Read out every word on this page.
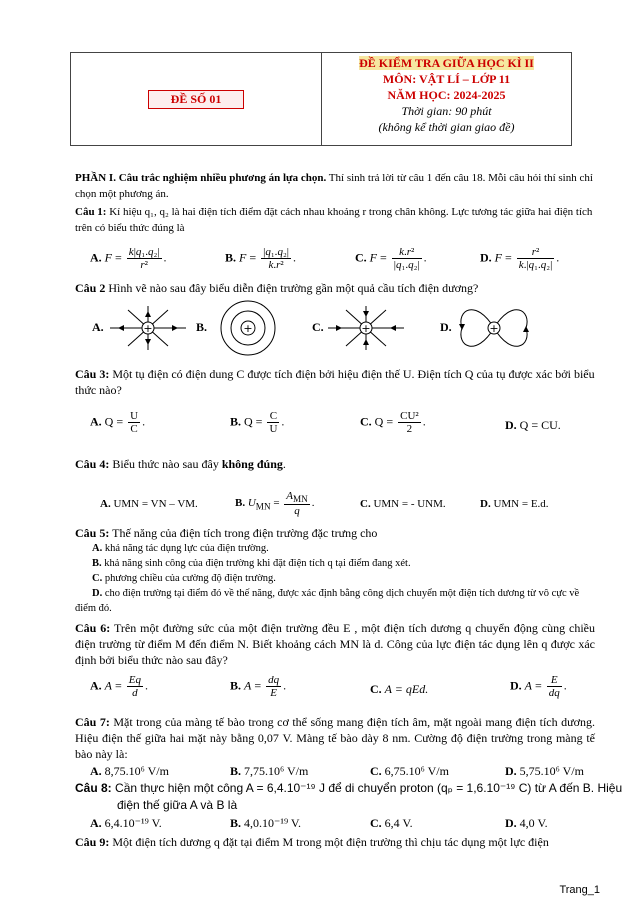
ĐỀ SỐ 01
ĐỀ KIỂM TRA GIỮA HỌC KÌ II
MÔN: VẬT LÍ – LỚP 11
NĂM HỌC: 2024-2025
Thời gian: 90 phút
(không kể thời gian giao đề)
PHẦN I. Câu trắc nghiệm nhiều phương án lựa chọn. Thí sinh trả lời từ câu 1 đến câu 18. Mỗi câu hỏi thí sinh chỉ chọn một phương án.
Câu 1: Kí hiệu q₁, q₂ là hai điện tích điểm đặt cách nhau khoảng r trong chân không. Lực tương tác giữa hai điện tích trên có biểu thức đúng là
A. $F = \frac{\text{k|q₁.q₂|}}{\text{r²}}$ .	B. $F = \frac{\text{|q₁.q₂|}}{\text{k.r²}}$ .	C. $F = \frac{\text{k.r²}}{\text{|q₁.q₂|}}$ .	D. $F = \frac{\text{r²}}{\text{k.|q₁.q₂|}}$ .
Câu 2 Hình vẽ nào sau đây biểu diễn điện trường gần một quả cầu tích điện dương?
A.	+	B.	+	C.	+	D.	+
Câu 3: Một tụ điện có điện dung C được tích điện bởi hiệu điện thế U. Điện tích Q của tụ được xác bởi biểu thức nào?
A. $Q = \frac{U}{C}$ .	B. $Q = \frac{C}{U}$ .	C. $Q = \frac{\text{CU²}}{2}$ .	D. Q = CU.
Câu 4: Biểu thức nào sau đây không đúng.
A. UMN = VN – VM.	B. $U_{MN} = \frac{A_{MN}}{q}$ .	C. UMN = - UNM.	D. UMN = E.d.
Câu 5: Thế năng của điện tích trong điện trường đặc trưng cho
A. khả năng tác dụng lực của điện trường.
B. khả năng sinh công của điện trường khi đặt điện tích q tại điểm đang xét.
C. phương chiều của cường độ điện trường.
D. cho điện trường tại điểm đó về thế năng, được xác định bằng công dịch chuyển một điện tích dương từ vô cực về điểm đó.
Câu 6: Trên một đường sức của một điện trường đều E , một điện tích dương q chuyển động cùng chiều điện trường từ điểm M đến điểm N. Biết khoảng cách MN là d. Công của lực điện tác dụng lên q được xác định bởi biểu thức nào sau đây?
A. $A = \frac{Eq}{d}$ .	B. $A = \frac{dq}{E}$ .	C. A = qEd.	D. $A = \frac{E}{dq}$ .
Câu 7: Mặt trong của màng tế bào trong cơ thể sống mang điện tích âm, mặt ngoài mang điện tích dương. Hiệu điện thế giữa hai mặt này bằng 0,07 V. Màng tế bào dày 8 nm. Cường độ điện trường trong màng tế bào này là:
A. 8,75.10⁶ V/m	B. 7,75.10⁶ V/m	C. 6,75.10⁶ V/m	D. 5,75.10⁶ V/m
Câu 8: Cần thực hiện một công A = 6,4.10⁻¹⁹ J để di chuyển proton (qₚ = 1,6.10⁻¹⁹ C) từ A đến B. Hiệu điện thế giữa A và B là
A. 6,4.10⁻¹⁹ V.	B. 4,0.10⁻¹⁹ V.	C. 6,4 V.	D. 4,0 V.
Câu 9: Một điện tích dương q đặt tại điểm M trong một điện trường thì chịu tác dụng một lực điện
Trang_1
